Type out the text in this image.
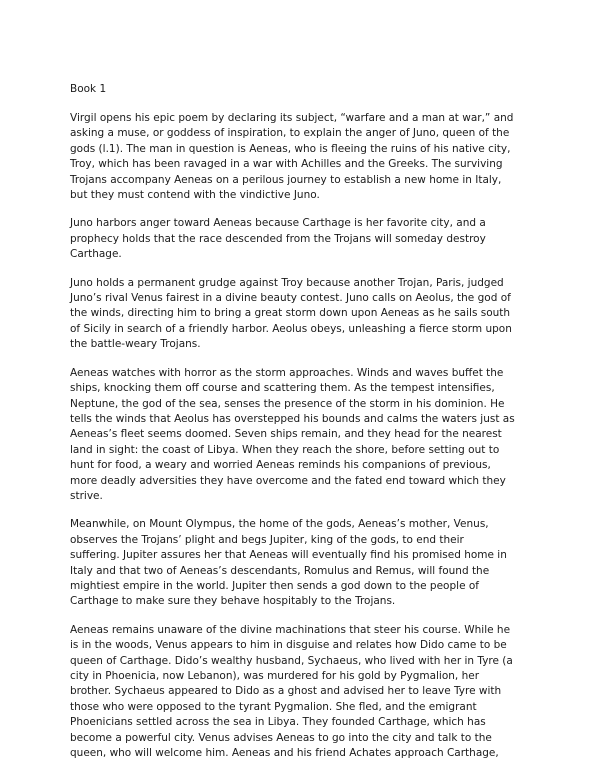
Book 1
Virgil opens his epic poem by declaring its subject, “warfare and a man at war,” and
asking a muse, or goddess of inspiration, to explain the anger of Juno, queen of the
gods (l.1). The man in question is Aeneas, who is fleeing the ruins of his native city,
Troy, which has been ravaged in a war with Achilles and the Greeks. The surviving
Trojans accompany Aeneas on a perilous journey to establish a new home in Italy,
but they must contend with the vindictive Juno.
Juno harbors anger toward Aeneas because Carthage is her favorite city, and a
prophecy holds that the race descended from the Trojans will someday destroy
Carthage.
Juno holds a permanent grudge against Troy because another Trojan, Paris, judged
Juno’s rival Venus fairest in a divine beauty contest. Juno calls on Aeolus, the god of
the winds, directing him to bring a great storm down upon Aeneas as he sails south
of Sicily in search of a friendly harbor. Aeolus obeys, unleashing a fierce storm upon
the battle-weary Trojans.
Aeneas watches with horror as the storm approaches. Winds and waves buffet the
ships, knocking them off course and scattering them. As the tempest intensifies,
Neptune, the god of the sea, senses the presence of the storm in his dominion. He
tells the winds that Aeolus has overstepped his bounds and calms the waters just as
Aeneas’s fleet seems doomed. Seven ships remain, and they head for the nearest
land in sight: the coast of Libya. When they reach the shore, before setting out to
hunt for food, a weary and worried Aeneas reminds his companions of previous,
more deadly adversities they have overcome and the fated end toward which they
strive.
Meanwhile, on Mount Olympus, the home of the gods, Aeneas’s mother, Venus,
observes the Trojans’ plight and begs Jupiter, king of the gods, to end their
suffering. Jupiter assures her that Aeneas will eventually find his promised home in
Italy and that two of Aeneas’s descendants, Romulus and Remus, will found the
mightiest empire in the world. Jupiter then sends a god down to the people of
Carthage to make sure they behave hospitably to the Trojans.
Aeneas remains unaware of the divine machinations that steer his course. While he
is in the woods, Venus appears to him in disguise and relates how Dido came to be
queen of Carthage. Dido’s wealthy husband, Sychaeus, who lived with her in Tyre (a
city in Phoenicia, now Lebanon), was murdered for his gold by Pygmalion, her
brother. Sychaeus appeared to Dido as a ghost and advised her to leave Tyre with
those who were opposed to the tyrant Pygmalion. She fled, and the emigrant
Phoenicians settled across the sea in Libya. They founded Carthage, which has
become a powerful city. Venus advises Aeneas to go into the city and talk to the
queen, who will welcome him. Aeneas and his friend Achates approach Carthage,
